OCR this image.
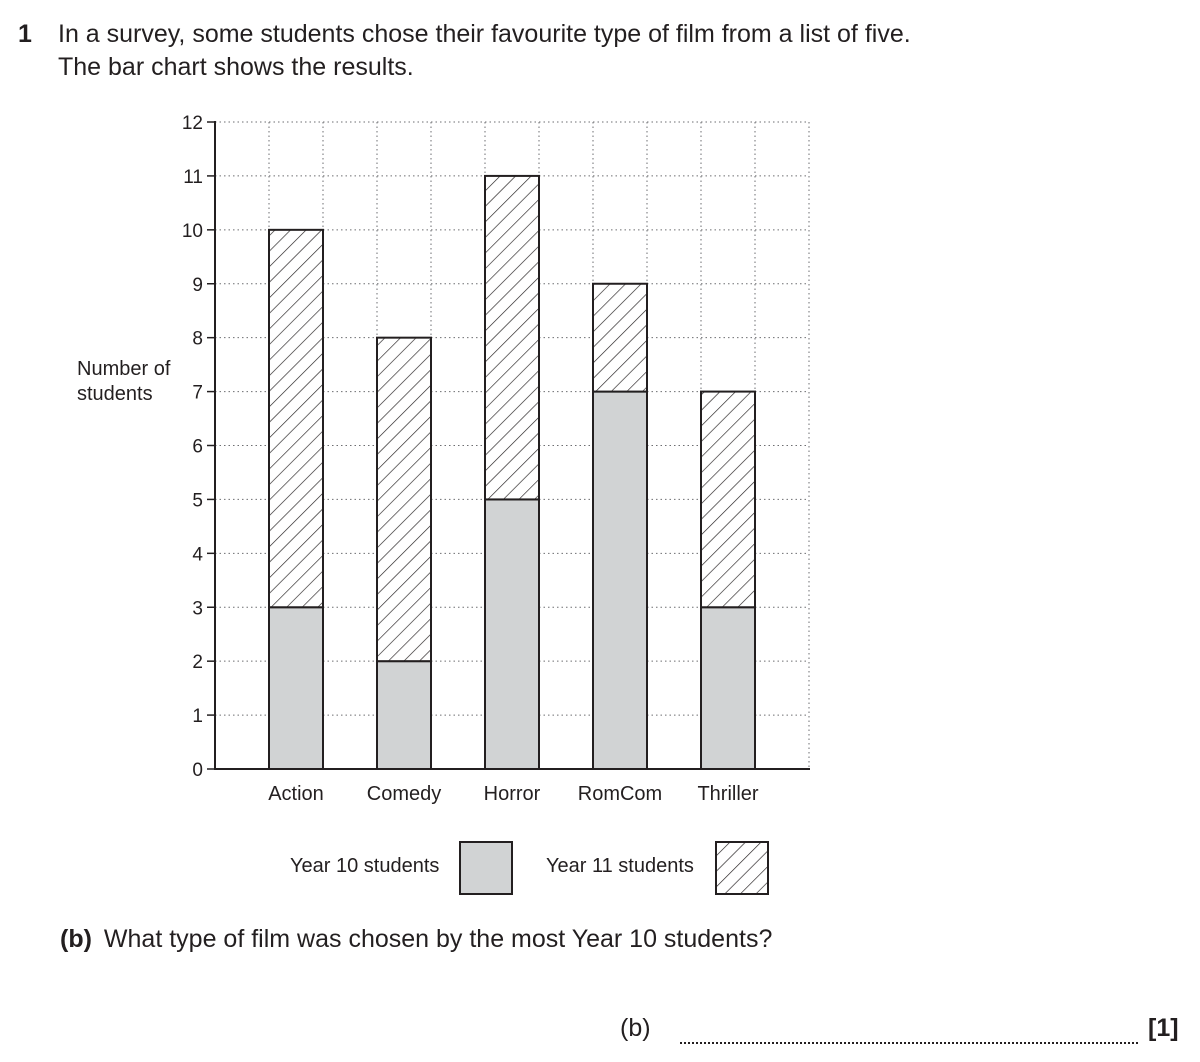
1 In a survey, some students chose their favourite type of film from a list of five.
The bar chart shows the results.
0
1
2
3
4
5
6
7
8
9
10
11
12
Action Comedy Horror RomCom Thriller
Number of
students
Year 10 students	Year 11 students
(b) What type of film was chosen by the most Year 10 students?
(b)	[1]
